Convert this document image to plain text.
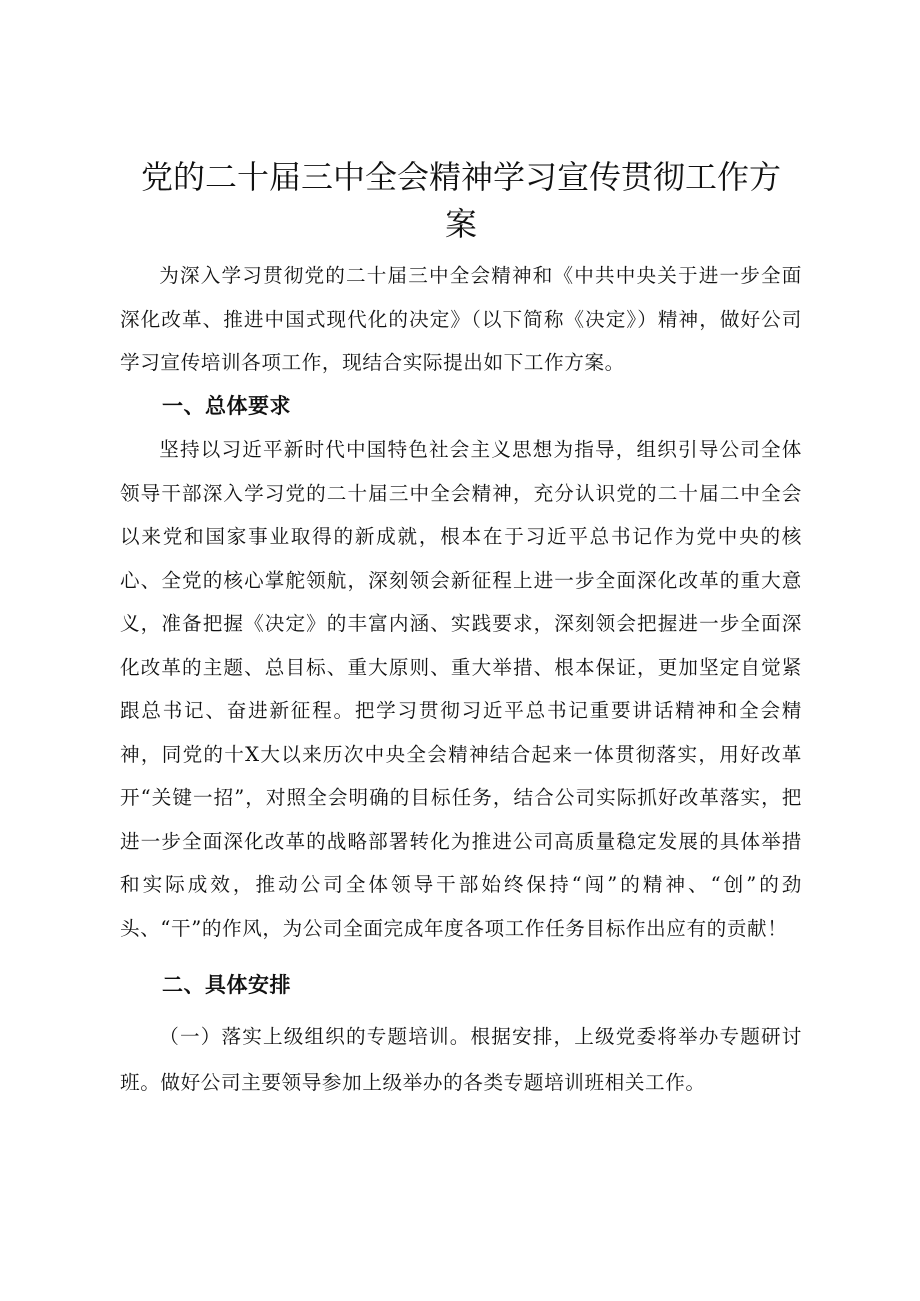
党的二十届三中全会精神学习宣传贯彻工作方
案

为深入学习贯彻党的二十届三中全会精神和《中共中央关于进一步全面深化改革、推进中国式现代化的决定》（以下简称《决定》）精神，做好公司学习宣传培训各项工作，现结合实际提出如下工作方案。

一、总体要求

坚持以习近平新时代中国特色社会主义思想为指导，组织引导公司全体领导干部深入学习党的二十届三中全会精神，充分认识党的二十届二中全会以来党和国家事业取得的新成就，根本在于习近平总书记作为党中央的核心、全党的核心掌舵领航，深刻领会新征程上进一步全面深化改革的重大意义，准备把握《决定》的丰富内涵、实践要求，深刻领会把握进一步全面深化改革的主题、总目标、重大原则、重大举措、根本保证，更加坚定自觉紧跟总书记、奋进新征程。把学习贯彻习近平总书记重要讲话精神和全会精神，同党的十X大以来历次中央全会精神结合起来一体贯彻落实，用好改革开“关键一招”，对照全会明确的目标任务，结合公司实际抓好改革落实，把进一步全面深化改革的战略部署转化为推进公司高质量稳定发展的具体举措和实际成效，推动公司全体领导干部始终保持“闯”的精神、“创”的劲头、“干”的作风，为公司全面完成年度各项工作任务目标作出应有的贡献！

二、具体安排

（一）落实上级组织的专题培训。根据安排，上级党委将举办专题研讨班。做好公司主要领导参加上级举办的各类专题培训班相关工作。
